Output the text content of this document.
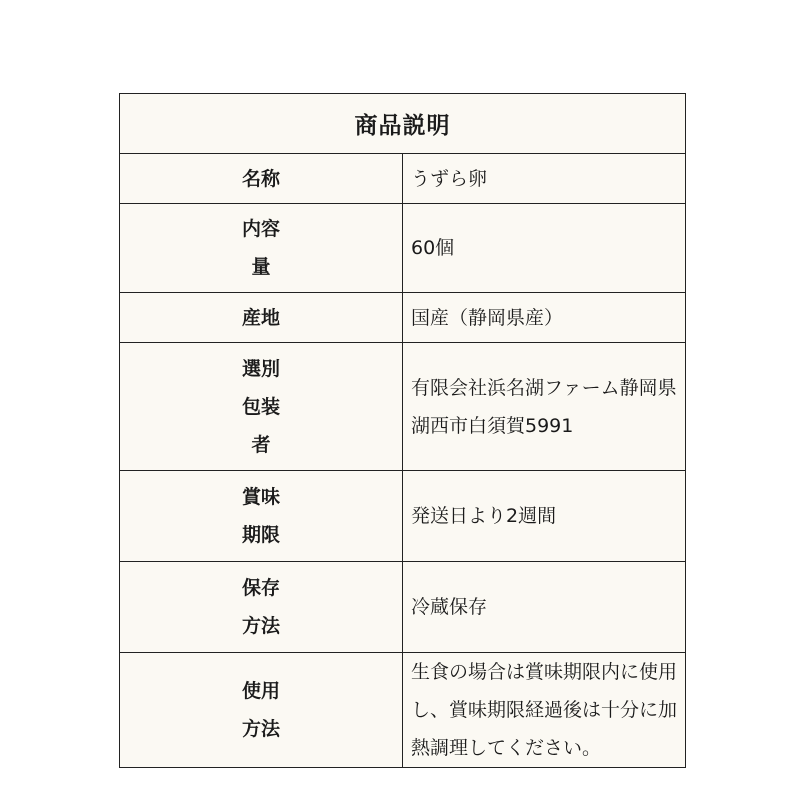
商品説明	
名称	うずら卵
内容量	60個
産地	国産（静岡県産）
選別包装者	有限会社浜名湖ファーム静岡県湖西市白須賀5991
賞味期限	発送日より2週間
保存方法	冷蔵保存
使用方法	生食の場合は賞味期限内に使用し、賞味期限経過後は十分に加熱調理してください。
